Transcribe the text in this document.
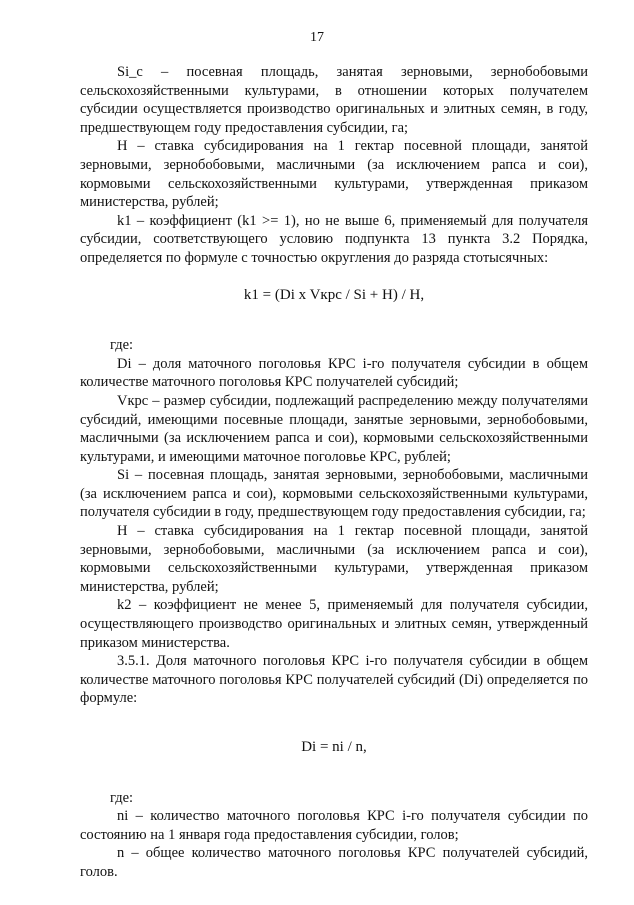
17

Si_c – посевная площадь, занятая зерновыми, зернобобовыми сельскохозяйственными культурами, в отношении которых получателем субсидии осуществляется производство оригинальных и элитных семян, в году, предшествующем году предоставления субсидии, га;

Н – ставка субсидирования на 1 гектар посевной площади, занятой зерновыми, зернобобовыми, масличными (за исключением рапса и сои), кормовыми сельскохозяйственными культурами, утвержденная приказом министерства, рублей;

k1 – коэффициент (k1 >= 1), но не выше 6, применяемый для получателя субсидии, соответствующего условию подпункта 13 пункта 3.2 Порядка, определяется по формуле с точностью округления до разряда стотысячных:

k1 = (Di x Vкрс / Si + H) / H,

где:

Di – доля маточного поголовья КРС i-го получателя субсидии в общем количестве маточного поголовья КРС получателей субсидий;

Vкрс – размер субсидии, подлежащий распределению между получателями субсидий, имеющими посевные площади, занятые зерновыми, зернобобовыми, масличными (за исключением рапса и сои), кормовыми сельскохозяйственными культурами, и имеющими маточное поголовье КРС, рублей;

Si – посевная площадь, занятая зерновыми, зернобобовыми, масличными (за исключением рапса и сои), кормовыми сельскохозяйственными культурами, получателя субсидии в году, предшествующем году предоставления субсидии, га;

Н – ставка субсидирования на 1 гектар посевной площади, занятой зерновыми, зернобобовыми, масличными (за исключением рапса и сои), кормовыми сельскохозяйственными культурами, утвержденная приказом министерства, рублей;

k2 – коэффициент не менее 5, применяемый для получателя субсидии, осуществляющего производство оригинальных и элитных семян, утвержденный приказом министерства.

3.5.1. Доля маточного поголовья КРС i-го получателя субсидии в общем количестве маточного поголовья КРС получателей субсидий (Di) определяется по формуле:

Di = ni / n,

где:

ni – количество маточного поголовья КРС i-го получателя субсидии по состоянию на 1 января года предоставления субсидии, голов;

n – общее количество маточного поголовья КРС получателей субсидий, голов.
